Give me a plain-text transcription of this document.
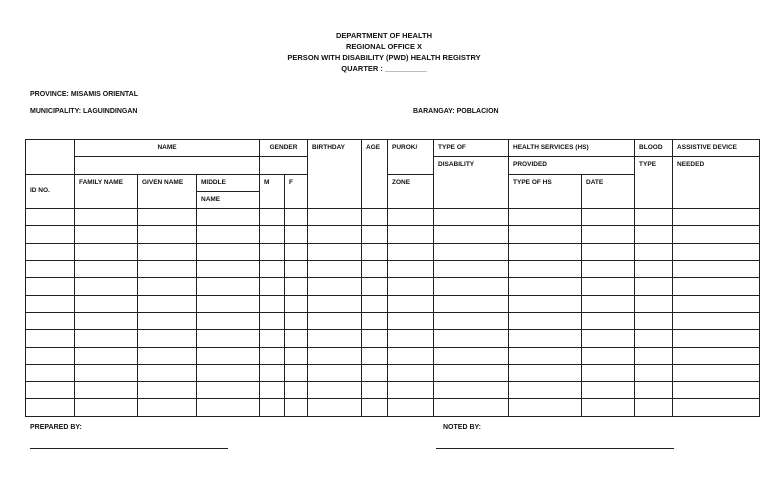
DEPARTMENT OF HEALTH
REGIONAL OFFICE X
PERSON WITH DISABILITY (PWD) HEALTH REGISTRY
QUARTER : __________
PROVINCE: MISAMIS ORIENTAL
MUNICIPALITY: LAGUINDINGAN	BARANGAY: POBLACION
	NAME			GENDER		BIRTHDAY	AGE	PUROK/	TYPE OF	HEALTH SERVICES (HS)		BLOOD	ASSISTIVE DEVICE
									DISABILITY	PROVIDED		TYPE	NEEDED
ID NO.	FAMILY NAME	GIVEN NAME	MIDDLE	M	F			ZONE		TYPE OF HS	DATE		
			NAME										

PREPARED BY:	NOTED BY:
